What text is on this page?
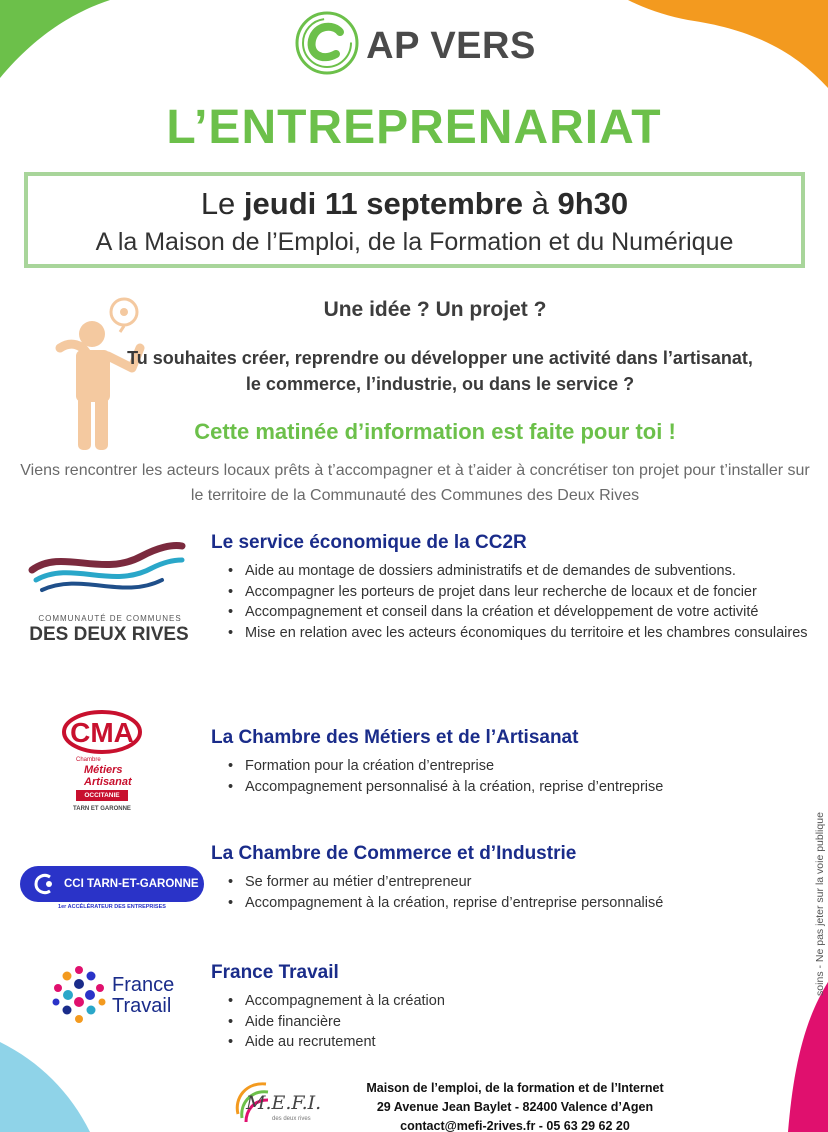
AP VERS
L’ENTREPRENARIAT
Le jeudi 11 septembre à 9h30
A la Maison de l’Emploi, de la Formation et du Numérique
Une idée ? Un projet ?
Tu souhaites créer, reprendre ou développer une activité dans l’artisanat, le commerce, l’industrie, ou dans le service ?
Cette matinée d’information est faite pour toi !
Viens rencontrer les acteurs locaux prêts à t’accompagner et à t’aider à concrétiser ton projet pour t’installer sur le territoire de la Communauté des Communes des Deux Rives
COMMUNAUTÉ DE COMMUNES
DES DEUX RIVES
CMA
Chambre
Métiers
Artisanat
OCCITANIE
TARN ET GARONNE
CCI TARN-ET-GARONNE
1er ACCÉLÉRATEUR DES ENTREPRISES
France
Travail
Le service économique de la CC2R
• Aide au montage de dossiers administratifs et de demandes de subventions.
• Accompagner les porteurs de projet dans leur recherche de locaux et de foncier
• Accompagnement et conseil dans la création et développement de votre activité
• Mise en relation avec les acteurs économiques du territoire et les chambres consulaires
La Chambre des Métiers et de l’Artisanat
• Formation pour la création d’entreprise
• Accompagnement personnalisé à la création, reprise d’entreprise
La Chambre de Commerce et d’Industrie
• Se former au métier d’entrepreneur
• Accompagnement à la création, reprise d’entreprise personnalisé
France Travail
• Accompagnement à la création
• Aide financière
• Aide au recrutement
M.E.F.I.
des deux rives
Maison de l’emploi, de la formation et de l’Internet
29 Avenue Jean Baylet - 82400 Valence d’Agen
contact@mefi-2rives.fr - 05 63 29 62 20
soins - Ne pas jeter sur la voie publique
